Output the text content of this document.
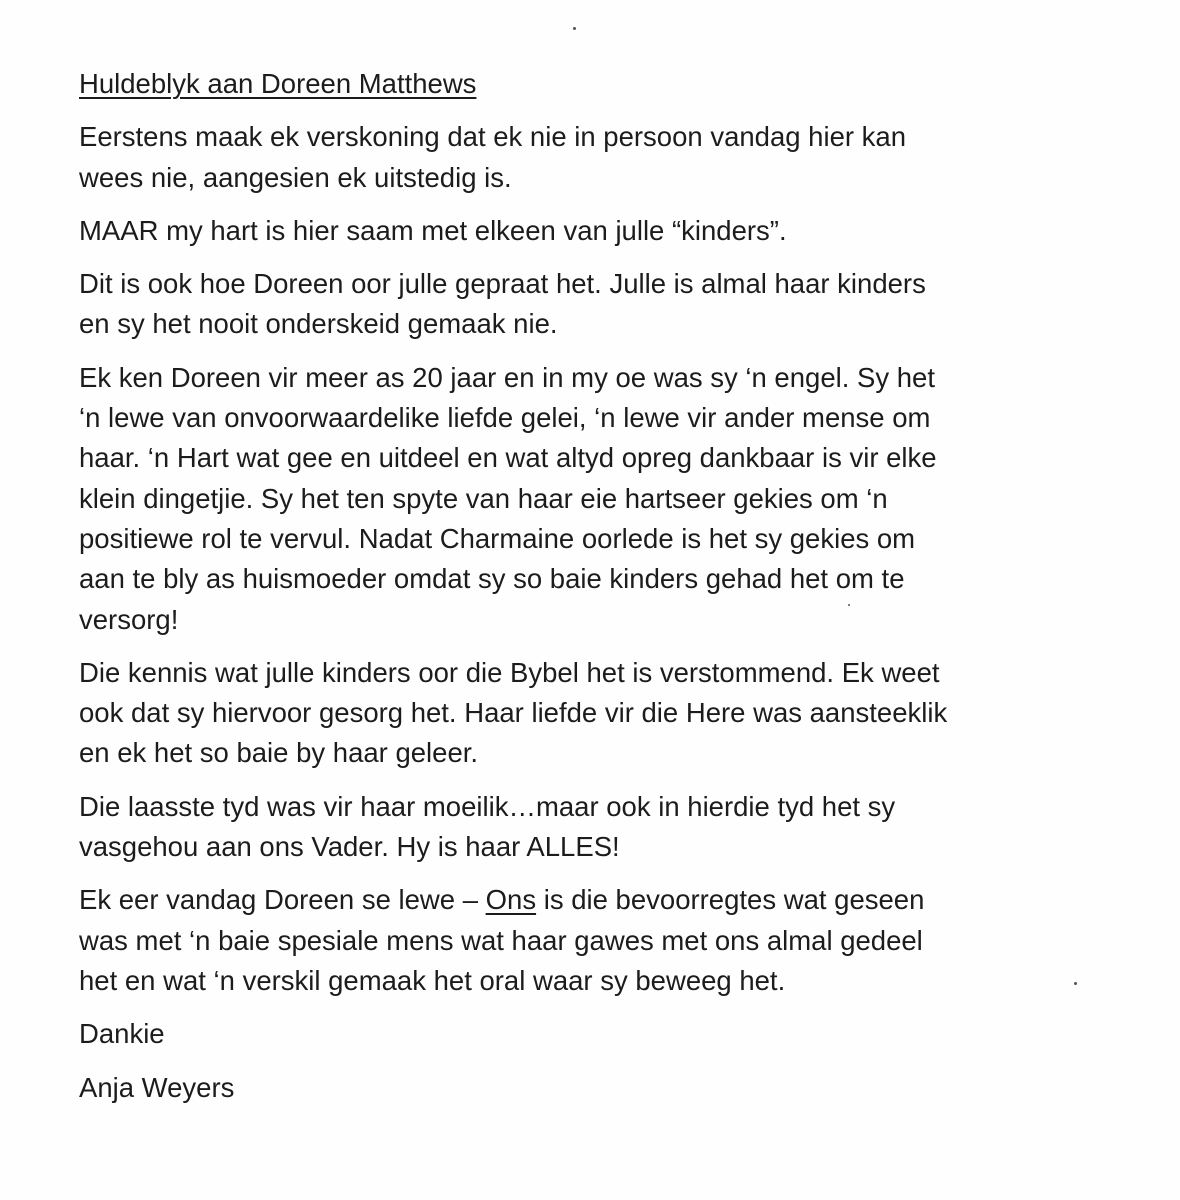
Huldeblyk aan Doreen Matthews

Eerstens maak ek verskoning dat ek nie in persoon vandag hier kan
wees nie, aangesien ek uitstedig is.

MAAR my hart is hier saam met elkeen van julle “kinders”.

Dit is ook hoe Doreen oor julle gepraat het. Julle is almal haar kinders
en sy het nooit onderskeid gemaak nie.

Ek ken Doreen vir meer as 20 jaar en in my oe was sy ‘n engel. Sy het
‘n lewe van onvoorwaardelike liefde gelei, ‘n lewe vir ander mense om
haar. ‘n Hart wat gee en uitdeel en wat altyd opreg dankbaar is vir elke
klein dingetjie. Sy het ten spyte van haar eie hartseer gekies om ‘n
positiewe rol te vervul. Nadat Charmaine oorlede is het sy gekies om
aan te bly as huismoeder omdat sy so baie kinders gehad het om te
versorg!

Die kennis wat julle kinders oor die Bybel het is verstommend. Ek weet
ook dat sy hiervoor gesorg het. Haar liefde vir die Here was aansteeklik
en ek het so baie by haar geleer.

Die laasste tyd was vir haar moeilik…maar ook in hierdie tyd het sy
vasgehou aan ons Vader. Hy is haar ALLES!

Ek eer vandag Doreen se lewe – Ons is die bevoorregtes wat geseen
was met ‘n baie spesiale mens wat haar gawes met ons almal gedeel
het en wat ‘n verskil gemaak het oral waar sy beweeg het.

Dankie

Anja Weyers
